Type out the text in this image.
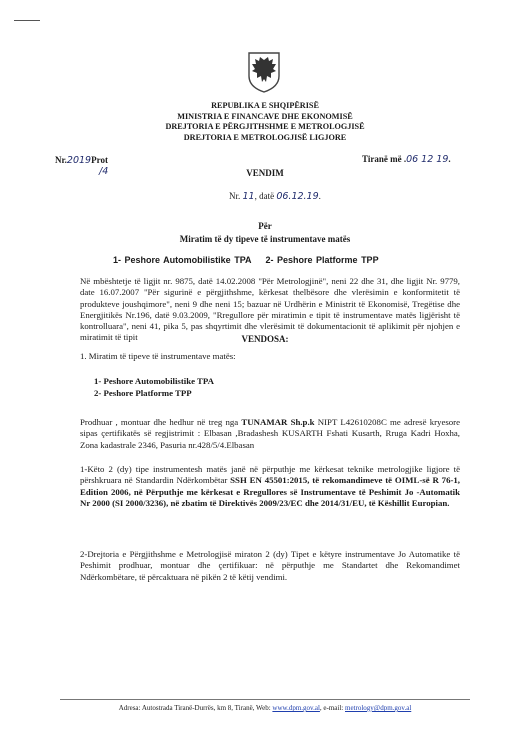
REPUBLIKA E SHQIPËRISË
MINISTRIA E FINANCAVE DHE EKONOMISË
DREJTORIA E PËRGJITHSHME E METROLOGJISË
DREJTORIA E METROLOGJISË LIGJORE
Nr.2019Prot
/4
Tiranë më .06 12 19.
VENDIM
Nr. 11, datë 06.12.19.
Për
Miratim të dy tipeve të instrumentave matës
1- Peshore Automobilistike TPA 2- Peshore Platforme TPP
Në mbështetje të ligjit nr. 9875, datë 14.02.2008 "Për Metrologjinë", neni 22 dhe 31, dhe ligjit Nr. 9779, date 16.07.2007 "Për sigurinë e përgjithshme, kërkesat thelbësore dhe vlerësimin e konformitetit të produkteve joushqimore", neni 9 dhe neni 15; bazuar në Urdhërin e Ministrit të Ekonomisë, Tregëtise dhe Energjitikës Nr.196, datë 9.03.2009, "Rregullore për miratimin e tipit të instrumentave matës ligjërisht të kontrolluara", neni 41, pika 5, pas shqyrtimit dhe vlerësimit të dokumentacionit të aplikimit për njohjen e miratimit të tipit	VENDOSA:
1. Miratim të tipeve të instrumentave matës:
1- Peshore Automobilistike TPA
2- Peshore Platforme TPP
Prodhuar , montuar dhe hedhur në treg nga TUNAMAR Sh.p.k NIPT L42610208C me adresë kryesore sipas çertifikatës së regjistrimit : Elbasan ,Bradashesh KUSARTH Fshati Kusarth, Rruga Kadri Hoxha, Zona kadastrale 2346, Pasuria nr.428/5/4.Elbasan
1-Këto 2 (dy) tipe instrumentesh matës janë në përputhje me kërkesat teknike metrologjike ligjore të përshkruara në Standardin Ndërkombëtar SSH EN 45501:2015, të rekomandimeve të OIML-së R 76-1, Edition 2006, në Përputhje me kërkesat e Rregullores së Instrumentave të Peshimit Jo -Automatik Nr 2000 (SI 2000/3236), në zbatim të Direktivës 2009/23/EC dhe 2014/31/EU, të Këshillit Europian.
2-Drejtoria e Përgjithshme e Metrologjisë miraton 2 (dy) Tipet e këtyre instrumentave Jo Automatike të Peshimit prodhuar, montuar dhe çertifikuar: në përputhje me Standartet dhe Rekomandimet Ndërkombëtare, të përcaktuara në pikën 2 të këtij vendimi.
Adresa: Autostrada Tiranë-Durrës, km 8, Tiranë, Web: www.dpm.gov.al, e-mail: metrology@dpm.gov.al
